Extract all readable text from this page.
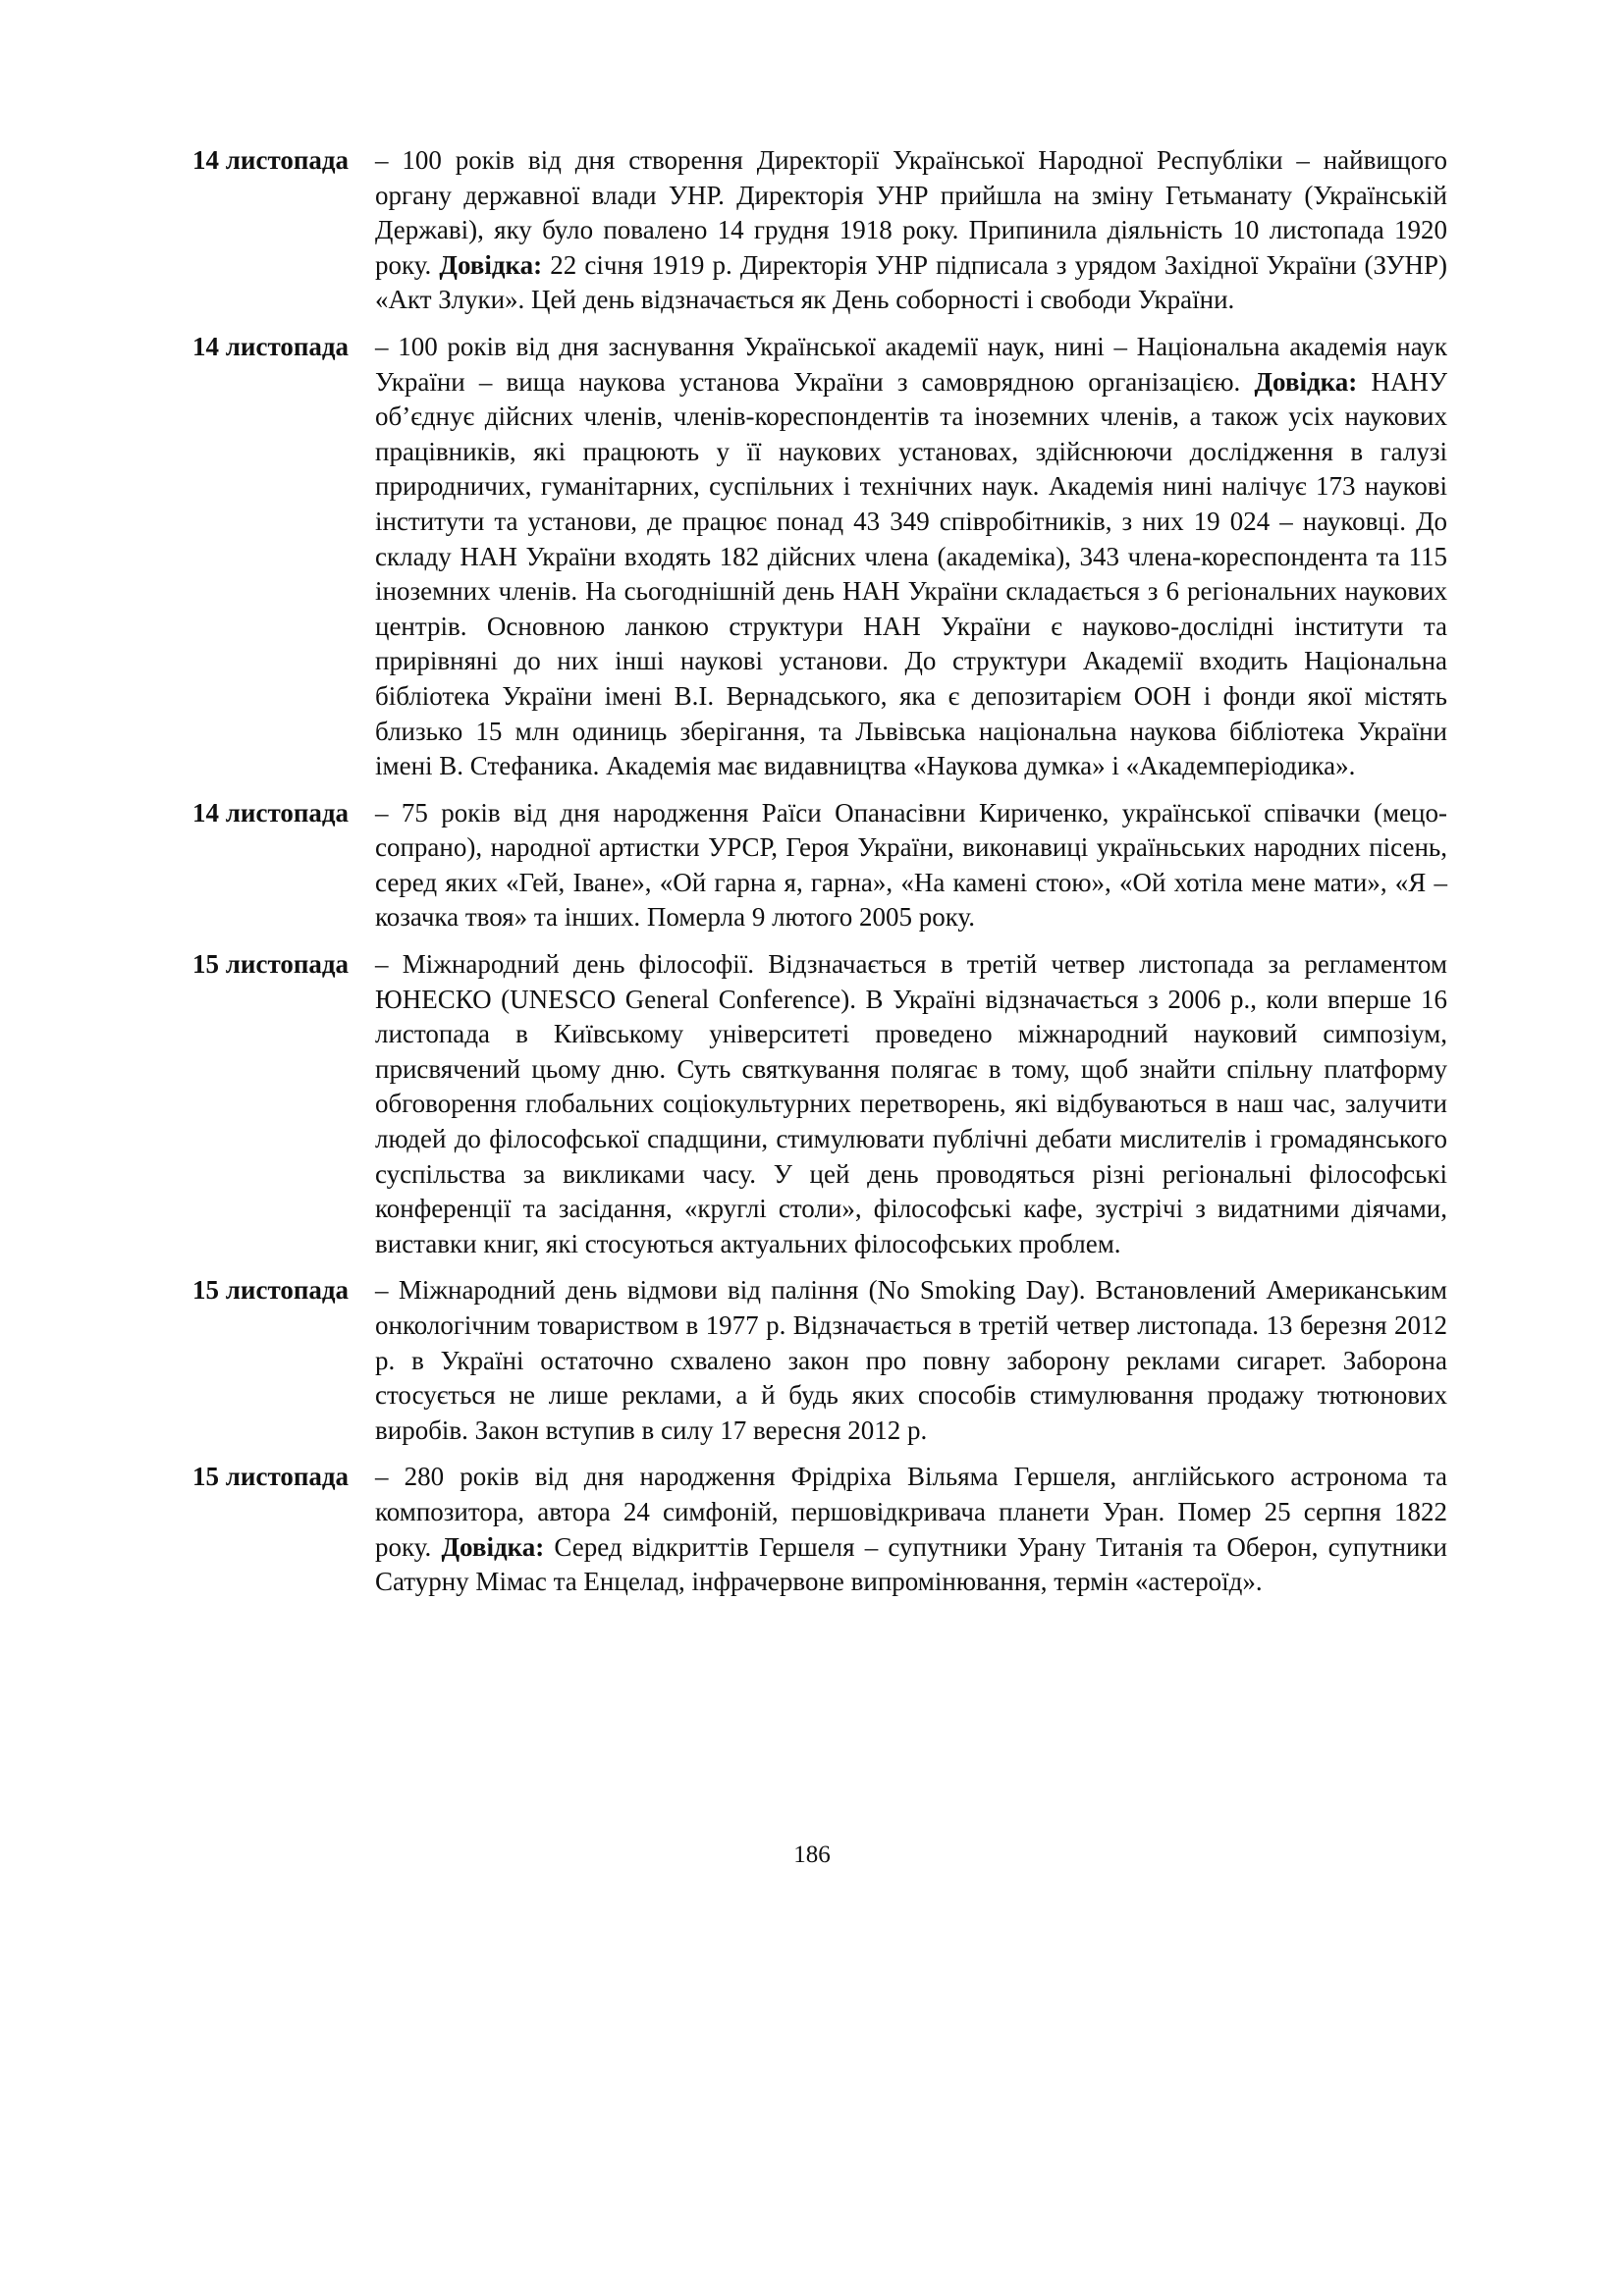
14 листопада – 100 років від дня створення Директорії Української Народної Республіки – найвищого органу державної влади УНР. Директорія УНР прийшла на зміну Гетьманату (Українській Державі), яку було повалено 14 грудня 1918 року. Припинила діяльність 10 листопада 1920 року. Довідка: 22 січня 1919 р. Директорія УНР підписала з урядом Західної України (ЗУНР) «Акт Злуки». Цей день відзначається як День соборності і свободи України.
14 листопада – 100 років від дня заснування Української академії наук, нині – Національна академія наук України – вища наукова установа України з самоврядною організацією. Довідка: НАНУ об’єднує дійсних членів, членів-кореспондентів та іноземних членів, а також усіх наукових працівників, які працюють у її наукових установах, здійснюючи дослідження в галузі природничих, гуманітарних, суспільних і технічних наук. Академія нині налічує 173 наукові інститути та установи, де працює понад 43 349 співробітників, з них 19 024 – науковці. До складу НАН України входять 182 дійсних члена (академіка), 343 члена-кореспондента та 115 іноземних членів. На сьогоднішній день НАН України складається з 6 регіональних наукових центрів. Основною ланкою структури НАН України є науково-дослідні інститути та прирівняні до них інші наукові установи. До структури Академії входить Національна бібліотека України імені В.І. Вернадського, яка є депозитарієм ООН і фонди якої містять близько 15 млн одиниць зберігання, та Львівська національна наукова бібліотека України імені В. Стефаника. Академія має видавництва «Наукова думка» і «Академперіодика».
14 листопада – 75 років від дня народження Раїси Опанасівни Кириченко, української співачки (мецо-сопрано), народної артистки УРСР, Героя України, виконавиці україньських народних пісень, серед яких «Гей, Іване», «Ой гарна я, гарна», «На камені стою», «Ой хотіла мене мати», «Я – козачка твоя» та інших. Померла 9 лютого 2005 року.
15 листопада – Міжнародний день філософії. Відзначається в третій четвер листопада за регламентом ЮНЕСКО (UNESCO General Conference). В Україні відзначається з 2006 р., коли вперше 16 листопада в Київському університеті проведено міжнародний науковий симпозіум, присвячений цьому дню. Суть святкування полягає в тому, щоб знайти спільну платформу обговорення глобальних соціокультурних перетворень, які відбуваються в наш час, залучити людей до філософської спадщини, стимулювати публічні дебати мислителів і громадянського суспільства за викликами часу. У цей день проводяться різні регіональні філософські конференції та засідання, «круглі столи», філософські кафе, зустрічі з видатними діячами, виставки книг, які стосуються актуальних філософських проблем.
15 листопада – Міжнародний день відмови від паління (No Smoking Day). Встановлений Американським онкологічним товариством в 1977 р. Відзначається в третій четвер листопада. 13 березня 2012 р. в Україні остаточно схвалено закон про повну заборону реклами сигарет. Заборона стосується не лише реклами, а й будь яких способів стимулювання продажу тютюнових виробів. Закон вступив в силу 17 вересня 2012 р.
15 листопада – 280 років від дня народження Фрідріха Вільяма Гершеля, англійського астронома та композитора, автора 24 симфоній, першовідкривача планети Уран. Помер 25 серпня 1822 року. Довідка: Серед відкриттів Гершеля – супутники Урану Титанія та Оберон, супутники Сатурну Мімас та Енцелад, інфрачервоне випромінювання, термін «астероїд».
186
